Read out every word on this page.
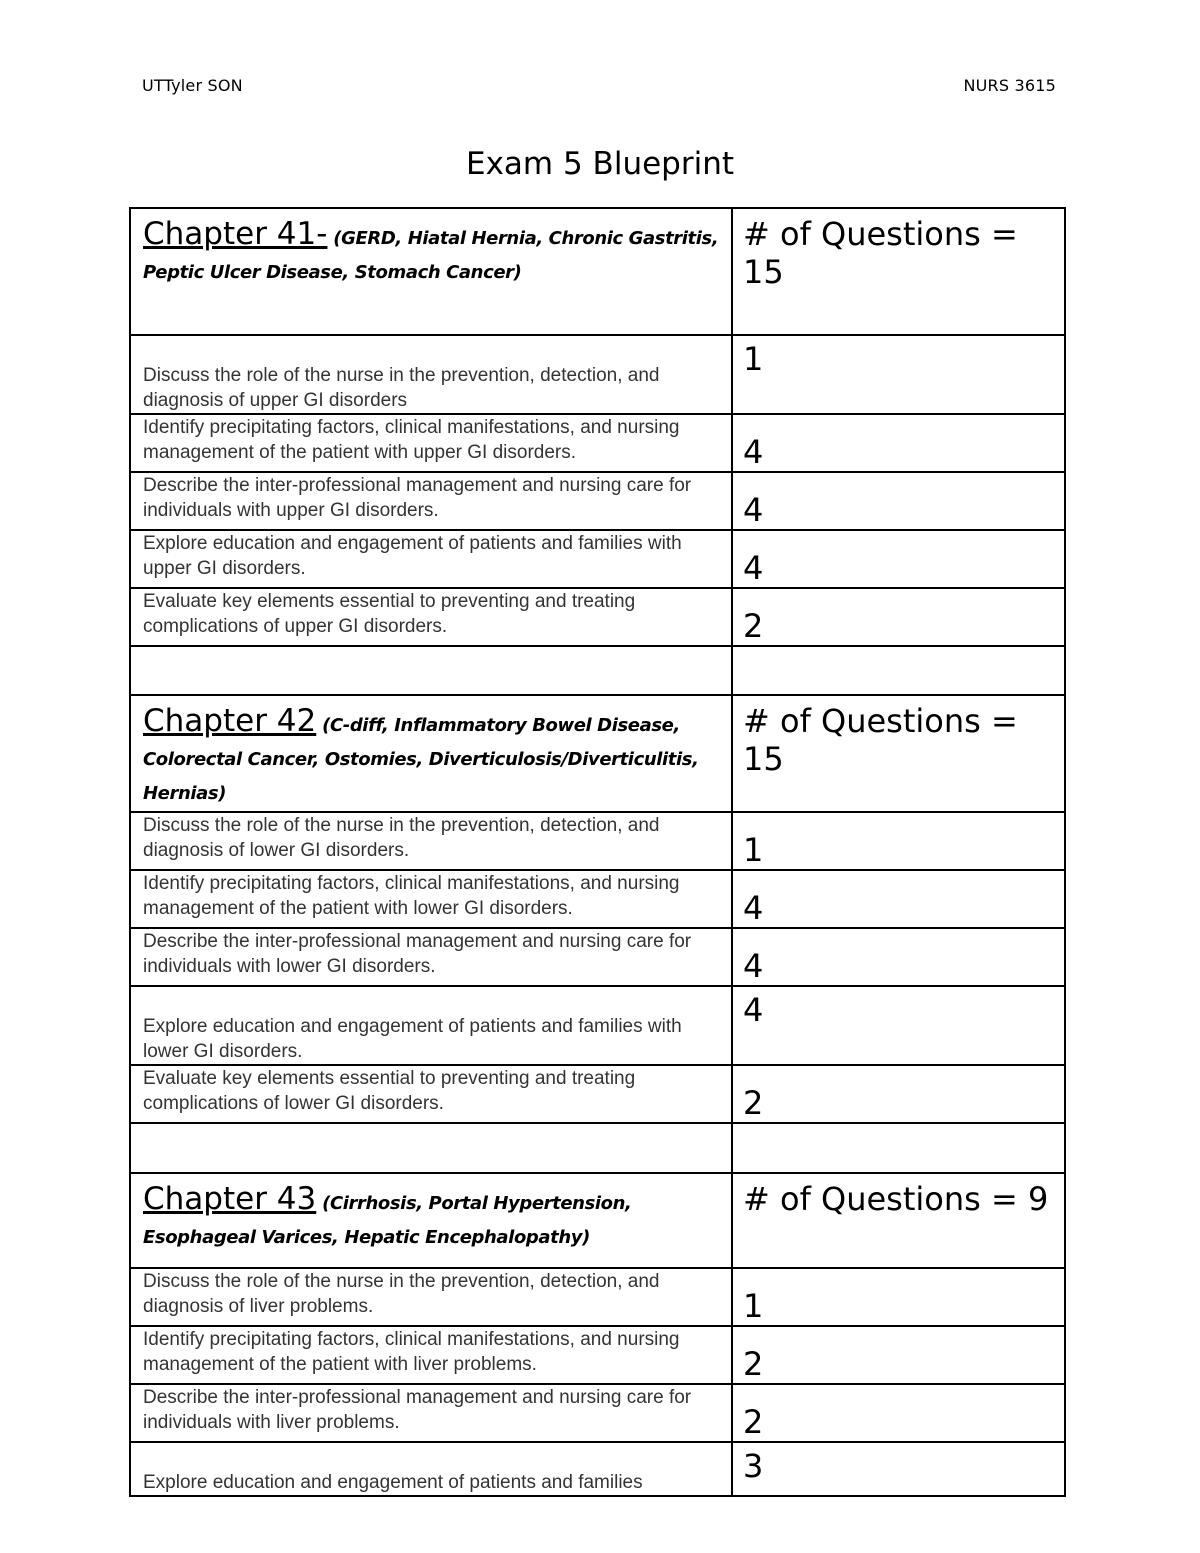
UTTyler SON	NURS 3615
Exam 5 Blueprint
Chapter 41- (GERD, Hiatal Hernia, Chronic Gastritis, Peptic Ulcer Disease, Stomach Cancer)	# of Questions = 15

Discuss the role of the nurse in the prevention, detection, and diagnosis of upper GI disorders	1

Identify precipitating factors, clinical manifestations, and nursing management of the patient with upper GI disorders.	4

Describe the inter-professional management and nursing care for individuals with upper GI disorders.	4

Explore education and engagement of patients and families with upper GI disorders.	4

Evaluate key elements essential to preventing and treating complications of upper GI disorders.	2

Chapter 42 (C-diff, Inflammatory Bowel Disease, Colorectal Cancer, Ostomies, Diverticulosis/Diverticulitis, Hernias)	# of Questions = 15

Discuss the role of the nurse in the prevention, detection, and diagnosis of lower GI disorders.	1

Identify precipitating factors, clinical manifestations, and nursing management of the patient with lower GI disorders.	4

Describe the inter-professional management and nursing care for individuals with lower GI disorders.	4

Explore education and engagement of patients and families with lower GI disorders.	4

Evaluate key elements essential to preventing and treating complications of lower GI disorders.	2

Chapter 43 (Cirrhosis, Portal Hypertension, Esophageal Varices, Hepatic Encephalopathy)	# of Questions = 9

Discuss the role of the nurse in the prevention, detection, and diagnosis of liver problems.	1

Identify precipitating factors, clinical manifestations, and nursing management of the patient with liver problems.	2

Describe the inter-professional management and nursing care for individuals with liver problems.	2

Explore education and engagement of patients and families	3
